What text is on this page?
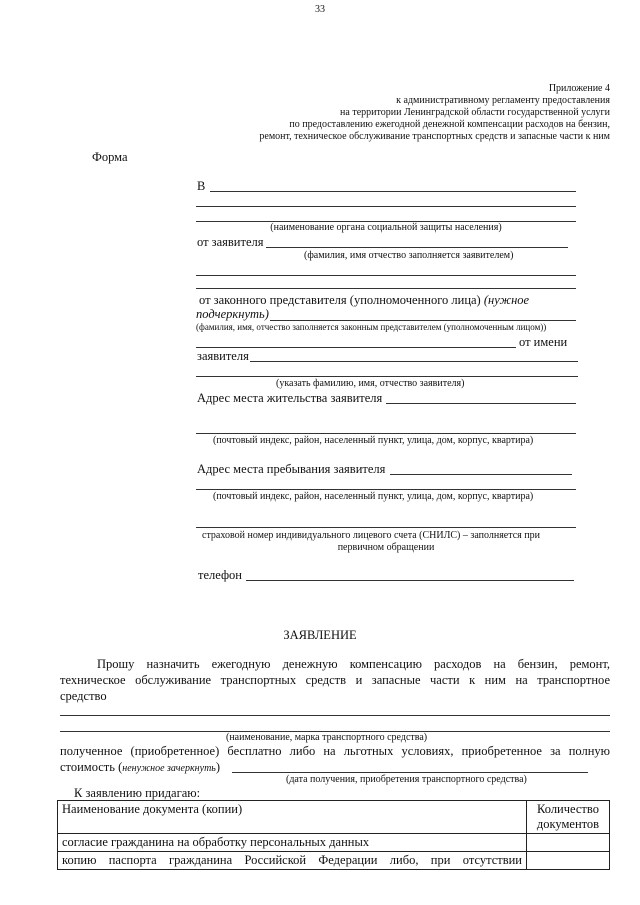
33
Приложение 4
к административному регламенту предоставления
на территории Ленинградской области государственной услуги
по предоставлению ежегодной денежной компенсации расходов на бензин,
ремонт, техническое обслуживание транспортных средств и запасные части к ним
Форма
В
(наименование органа социальной защиты населения)
от заявителя
(фамилия, имя отчество заполняется заявителем)
от законного представителя (уполномоченного лица) (нужное
подчеркнуть)
(фамилия, имя, отчество заполняется законным представителем (уполномоченным лицом))
от имени
заявителя
(указать фамилию, имя, отчество заявителя)
Адрес места жительства заявителя
(почтовый индекс, район, населенный пункт, улица, дом, корпус, квартира)
Адрес места пребывания заявителя
(почтовый индекс, район, населенный пункт, улица, дом, корпус, квартира)
страховой номер индивидуального лицевого счета (СНИЛС) – заполняется при
первичном обращении
телефон
ЗАЯВЛЕНИЕ
Прошу назначить ежегодную денежную компенсацию расходов на бензин, ремонт,
техническое обслуживание транспортных средств и запасные части к ним на транспортное
средство
(наименование, марка транспортного средства)
полученное (приобретенное) бесплатно либо на льготных условиях, приобретенное за полную
стоимость (ненужное зачеркнуть)
(дата получения, приобретения транспортного средства)
К заявлению придагаю:
Наименование документа (копии)	Количество
документов
согласие гражданина на обработку персональных данных	
копию паспорта гражданина Российской Федерации либо, при отсутствии	
